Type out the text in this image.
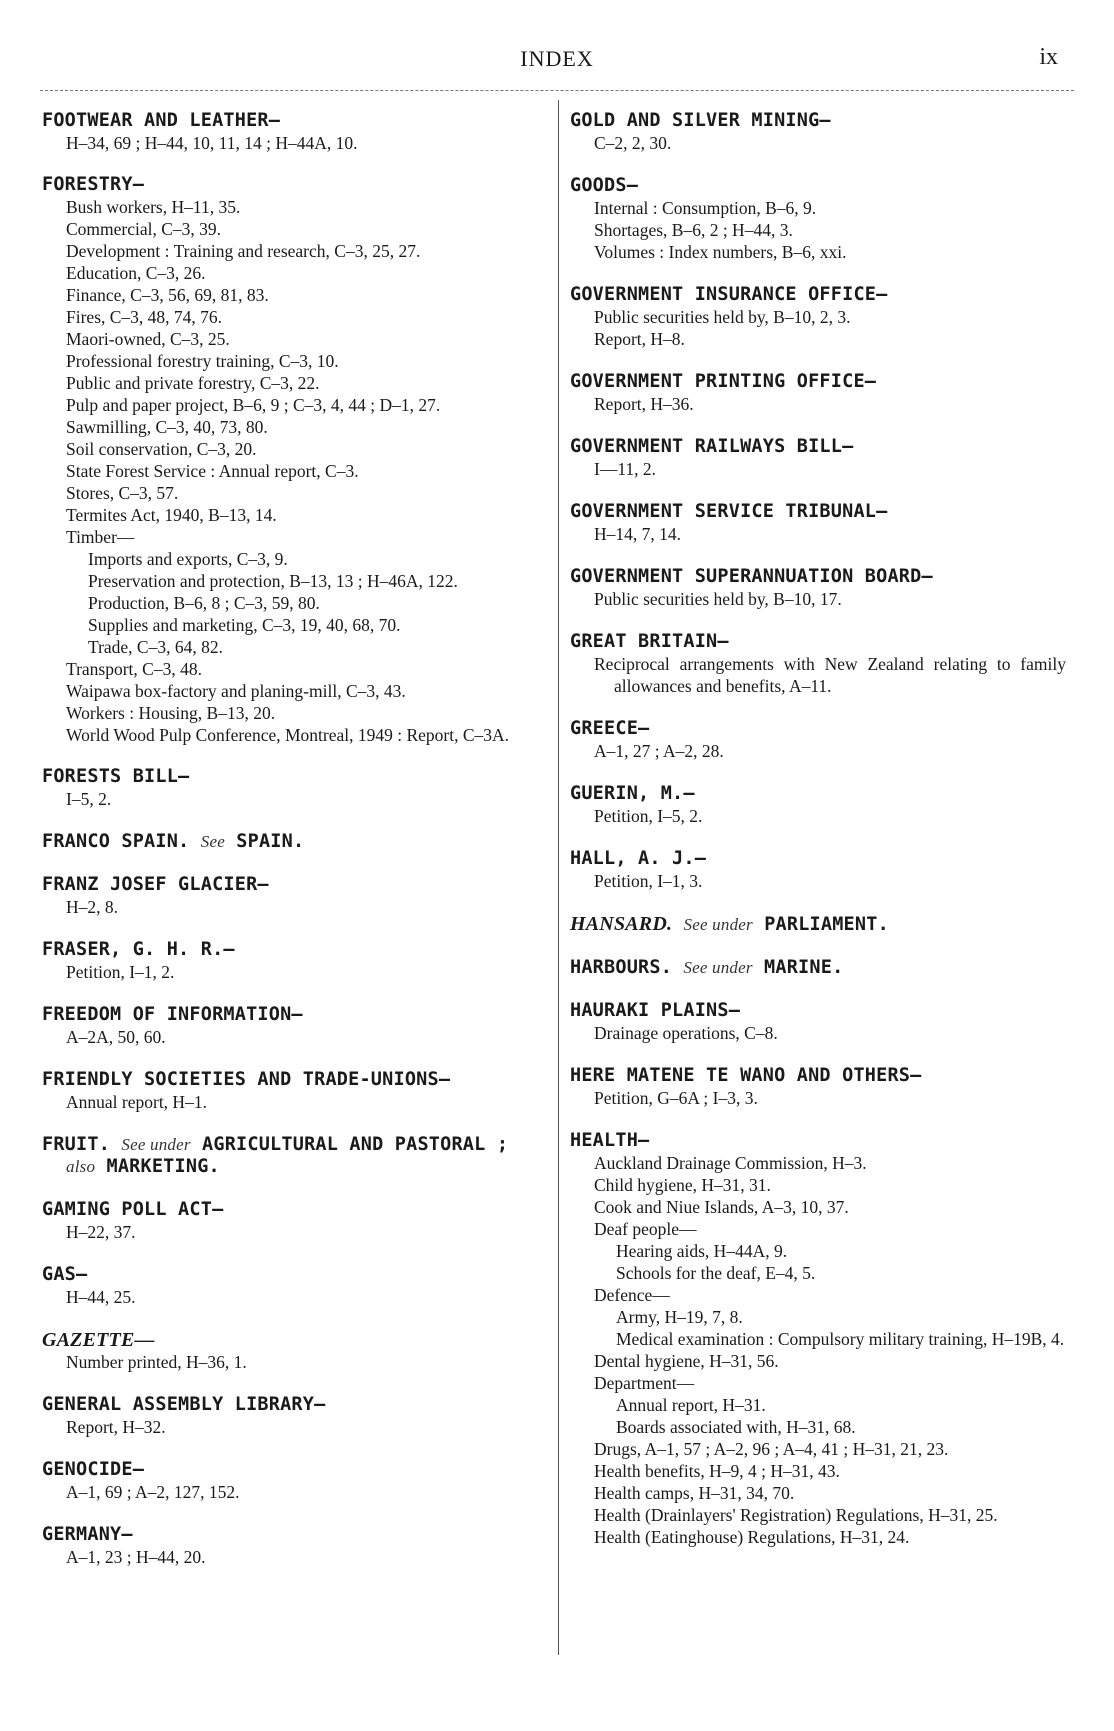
INDEX	ix
FOOTWEAR AND LEATHER—
H–34, 69 ; H–44, 10, 11, 14 ; H–44A, 10.
FORESTRY—
Bush workers, H–11, 35.
Commercial, C–3, 39.
Development : Training and research, C–3, 25, 27.
Education, C–3, 26.
Finance, C–3, 56, 69, 81, 83.
Fires, C–3, 48, 74, 76.
Maori-owned, C–3, 25.
Professional forestry training, C–3, 10.
Public and private forestry, C–3, 22.
Pulp and paper project, B–6, 9 ; C–3, 4, 44 ; D–1, 27.
Sawmilling, C–3, 40, 73, 80.
Soil conservation, C–3, 20.
State Forest Service : Annual report, C–3.
Stores, C–3, 57.
Termites Act, 1940, B–13, 14.
Timber—
Imports and exports, C–3, 9.
Preservation and protection, B–13, 13 ; H–46A, 122.
Production, B–6, 8 ; C–3, 59, 80.
Supplies and marketing, C–3, 19, 40, 68, 70.
Trade, C–3, 64, 82.
Transport, C–3, 48.
Waipawa box-factory and planing-mill, C–3, 43.
Workers : Housing, B–13, 20.
World Wood Pulp Conference, Montreal, 1949 : Report, C–3A.
FORESTS BILL—
I–5, 2.
FRANCO SPAIN. See SPAIN.
FRANZ JOSEF GLACIER—
H–2, 8.
FRASER, G. H. R.—
Petition, I–1, 2.
FREEDOM OF INFORMATION—
A–2A, 50, 60.
FRIENDLY SOCIETIES AND TRADE-UNIONS—
Annual report, H–1.
FRUIT. See under AGRICULTURAL AND PASTORAL ; also MARKETING.
GAMING POLL ACT—
H–22, 37.
GAS—
H–44, 25.
GAZETTE—
Number printed, H–36, 1.
GENERAL ASSEMBLY LIBRARY—
Report, H–32.
GENOCIDE—
A–1, 69 ; A–2, 127, 152.
GERMANY—
A–1, 23 ; H–44, 20.
GOLD AND SILVER MINING—
C–2, 2, 30.
GOODS—
Internal : Consumption, B–6, 9.
Shortages, B–6, 2 ; H–44, 3.
Volumes : Index numbers, B–6, xxi.
GOVERNMENT INSURANCE OFFICE—
Public securities held by, B–10, 2, 3.
Report, H–8.
GOVERNMENT PRINTING OFFICE—
Report, H–36.
GOVERNMENT RAILWAYS BILL—
I—11, 2.
GOVERNMENT SERVICE TRIBUNAL—
H–14, 7, 14.
GOVERNMENT SUPERANNUATION BOARD—
Public securities held by, B–10, 17.
GREAT BRITAIN—
Reciprocal arrangements with New Zealand relating to family allowances and benefits, A–11.
GREECE—
A–1, 27 ; A–2, 28.
GUERIN, M.—
Petition, I–5, 2.
HALL, A. J.—
Petition, I–1, 3.
HANSARD. See under PARLIAMENT.
HARBOURS. See under MARINE.
HAURAKI PLAINS—
Drainage operations, C–8.
HERE MATENE TE WANO AND OTHERS—
Petition, G–6A ; I–3, 3.
HEALTH—
Auckland Drainage Commission, H–3.
Child hygiene, H–31, 31.
Cook and Niue Islands, A–3, 10, 37.
Deaf people—
Hearing aids, H–44A, 9.
Schools for the deaf, E–4, 5.
Defence—
Army, H–19, 7, 8.
Medical examination : Compulsory military training, H–19B, 4.
Dental hygiene, H–31, 56.
Department—
Annual report, H–31.
Boards associated with, H–31, 68.
Drugs, A–1, 57 ; A–2, 96 ; A–4, 41 ; H–31, 21, 23.
Health benefits, H–9, 4 ; H–31, 43.
Health camps, H–31, 34, 70.
Health (Drainlayers' Registration) Regulations, H–31, 25.
Health (Eatinghouse) Regulations, H–31, 24.
